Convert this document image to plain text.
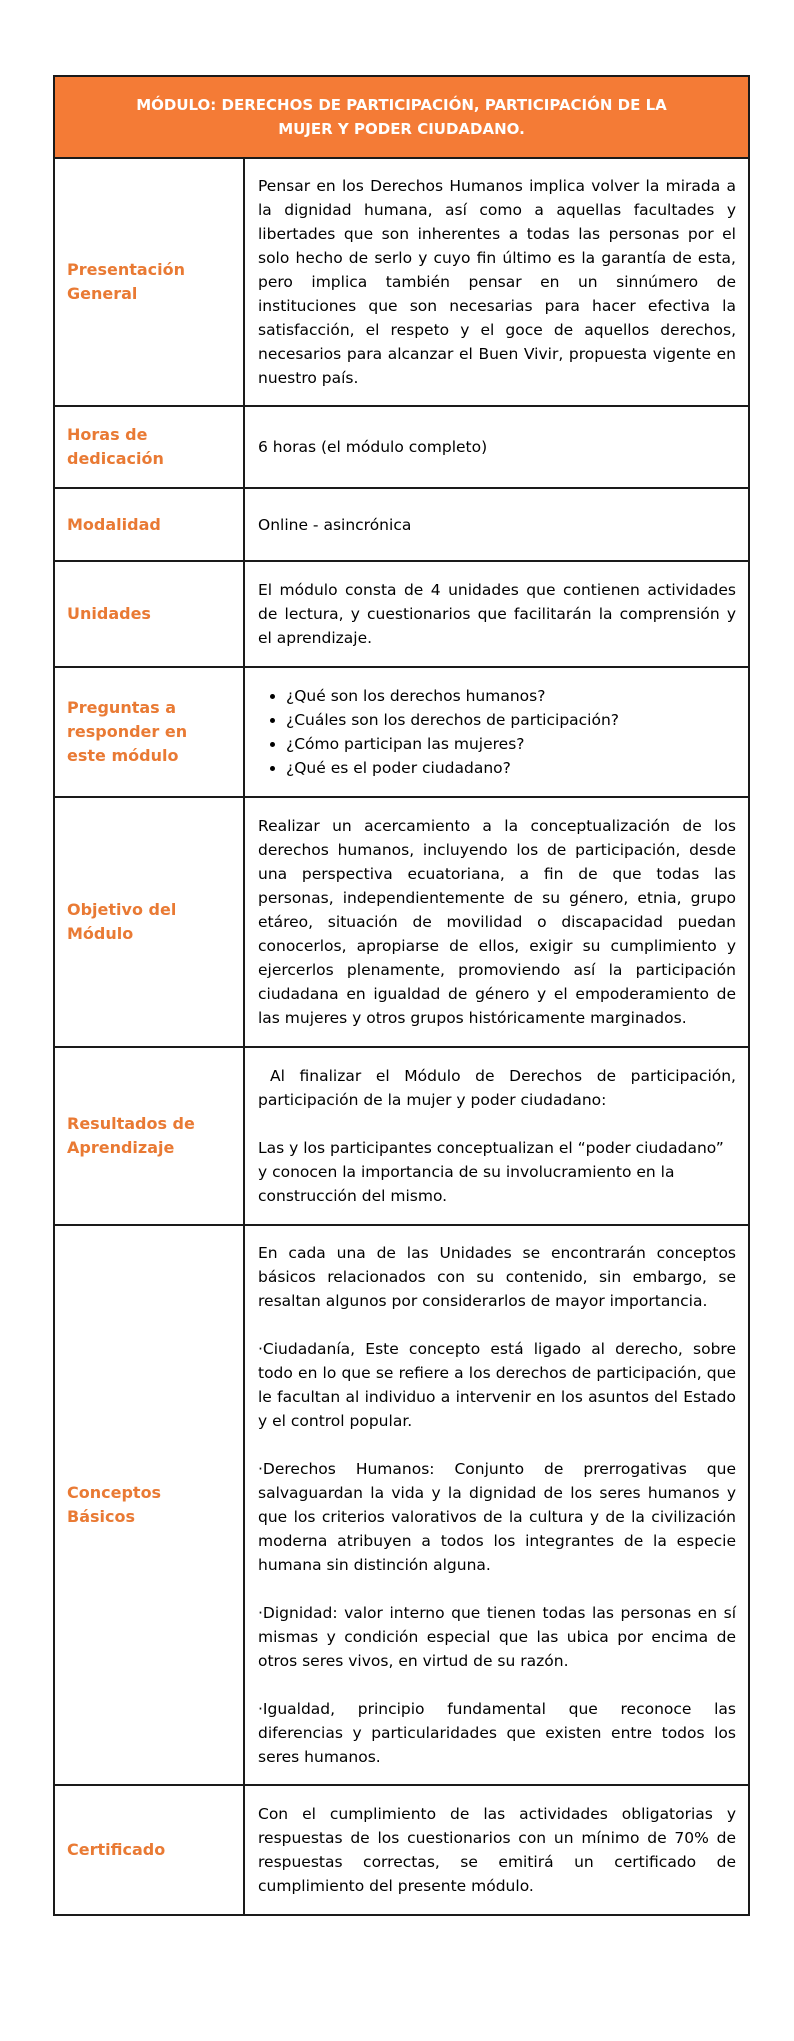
MÓDULO: DERECHOS DE PARTICIPACIÓN, PARTICIPACIÓN DE LA MUJER Y PODER CIUDADANO.
Presentación General

Pensar en los Derechos Humanos implica volver la mirada a la dignidad humana, así como a aquellas facultades y libertades que son inherentes a todas las personas por el solo hecho de serlo y cuyo fin último es la garantía de esta, pero implica también pensar en un sinnúmero de instituciones que son necesarias para hacer efectiva la satisfacción, el respeto y el goce de aquellos derechos, necesarios para alcanzar el Buen Vivir, propuesta vigente en nuestro país.

Horas de dedicación

6 horas (el módulo completo)

Modalidad	Online - asincrónica

Unidades

El módulo consta de 4 unidades que contienen actividades de lectura, y cuestionarios que facilitarán la comprensión y el aprendizaje.

Preguntas a responder en este módulo
• ¿Qué son los derechos humanos?
• ¿Cuáles son los derechos de participación?
• ¿Cómo participan las mujeres?
• ¿Qué es el poder ciudadano?
Objetivo del Módulo

Realizar un acercamiento a la conceptualización de los derechos humanos, incluyendo los de participación, desde una perspectiva ecuatoriana, a fin de que todas las personas, independientemente de su género, etnia, grupo etáreo, situación de movilidad o discapacidad puedan conocerlos, apropiarse de ellos, exigir su cumplimiento y ejercerlos plenamente, promoviendo así la participación ciudadana en igualdad de género y el empoderamiento de las mujeres y otros grupos históricamente marginados.

Resultados de Aprendizaje

Al finalizar el Módulo de Derechos de participación, participación de la mujer y poder ciudadano:

Las y los participantes conceptualizan el “poder ciudadano” y conocen la importancia de su involucramiento en la construcción del mismo.

Conceptos Básicos

En cada una de las Unidades se encontrarán conceptos básicos relacionados con su contenido, sin embargo, se resaltan algunos por considerarlos de mayor importancia.

·Ciudadanía, Este concepto está ligado al derecho, sobre todo en lo que se refiere a los derechos de participación, que le facultan al individuo a intervenir en los asuntos del Estado y el control popular.

·Derechos Humanos: Conjunto de prerrogativas que salvaguardan la vida y la dignidad de los seres humanos y que los criterios valorativos de la cultura y de la civilización moderna atribuyen a todos los integrantes de la especie humana sin distinción alguna.

·Dignidad: valor interno que tienen todas las personas en sí mismas y condición especial que las ubica por encima de otros seres vivos, en virtud de su razón.

·Igualdad, principio fundamental que reconoce las diferencias y particularidades que existen entre todos los seres humanos.

Certificado

Con el cumplimiento de las actividades obligatorias y respuestas de los cuestionarios con un mínimo de 70% de respuestas correctas, se emitirá un certificado de cumplimiento del presente módulo.
